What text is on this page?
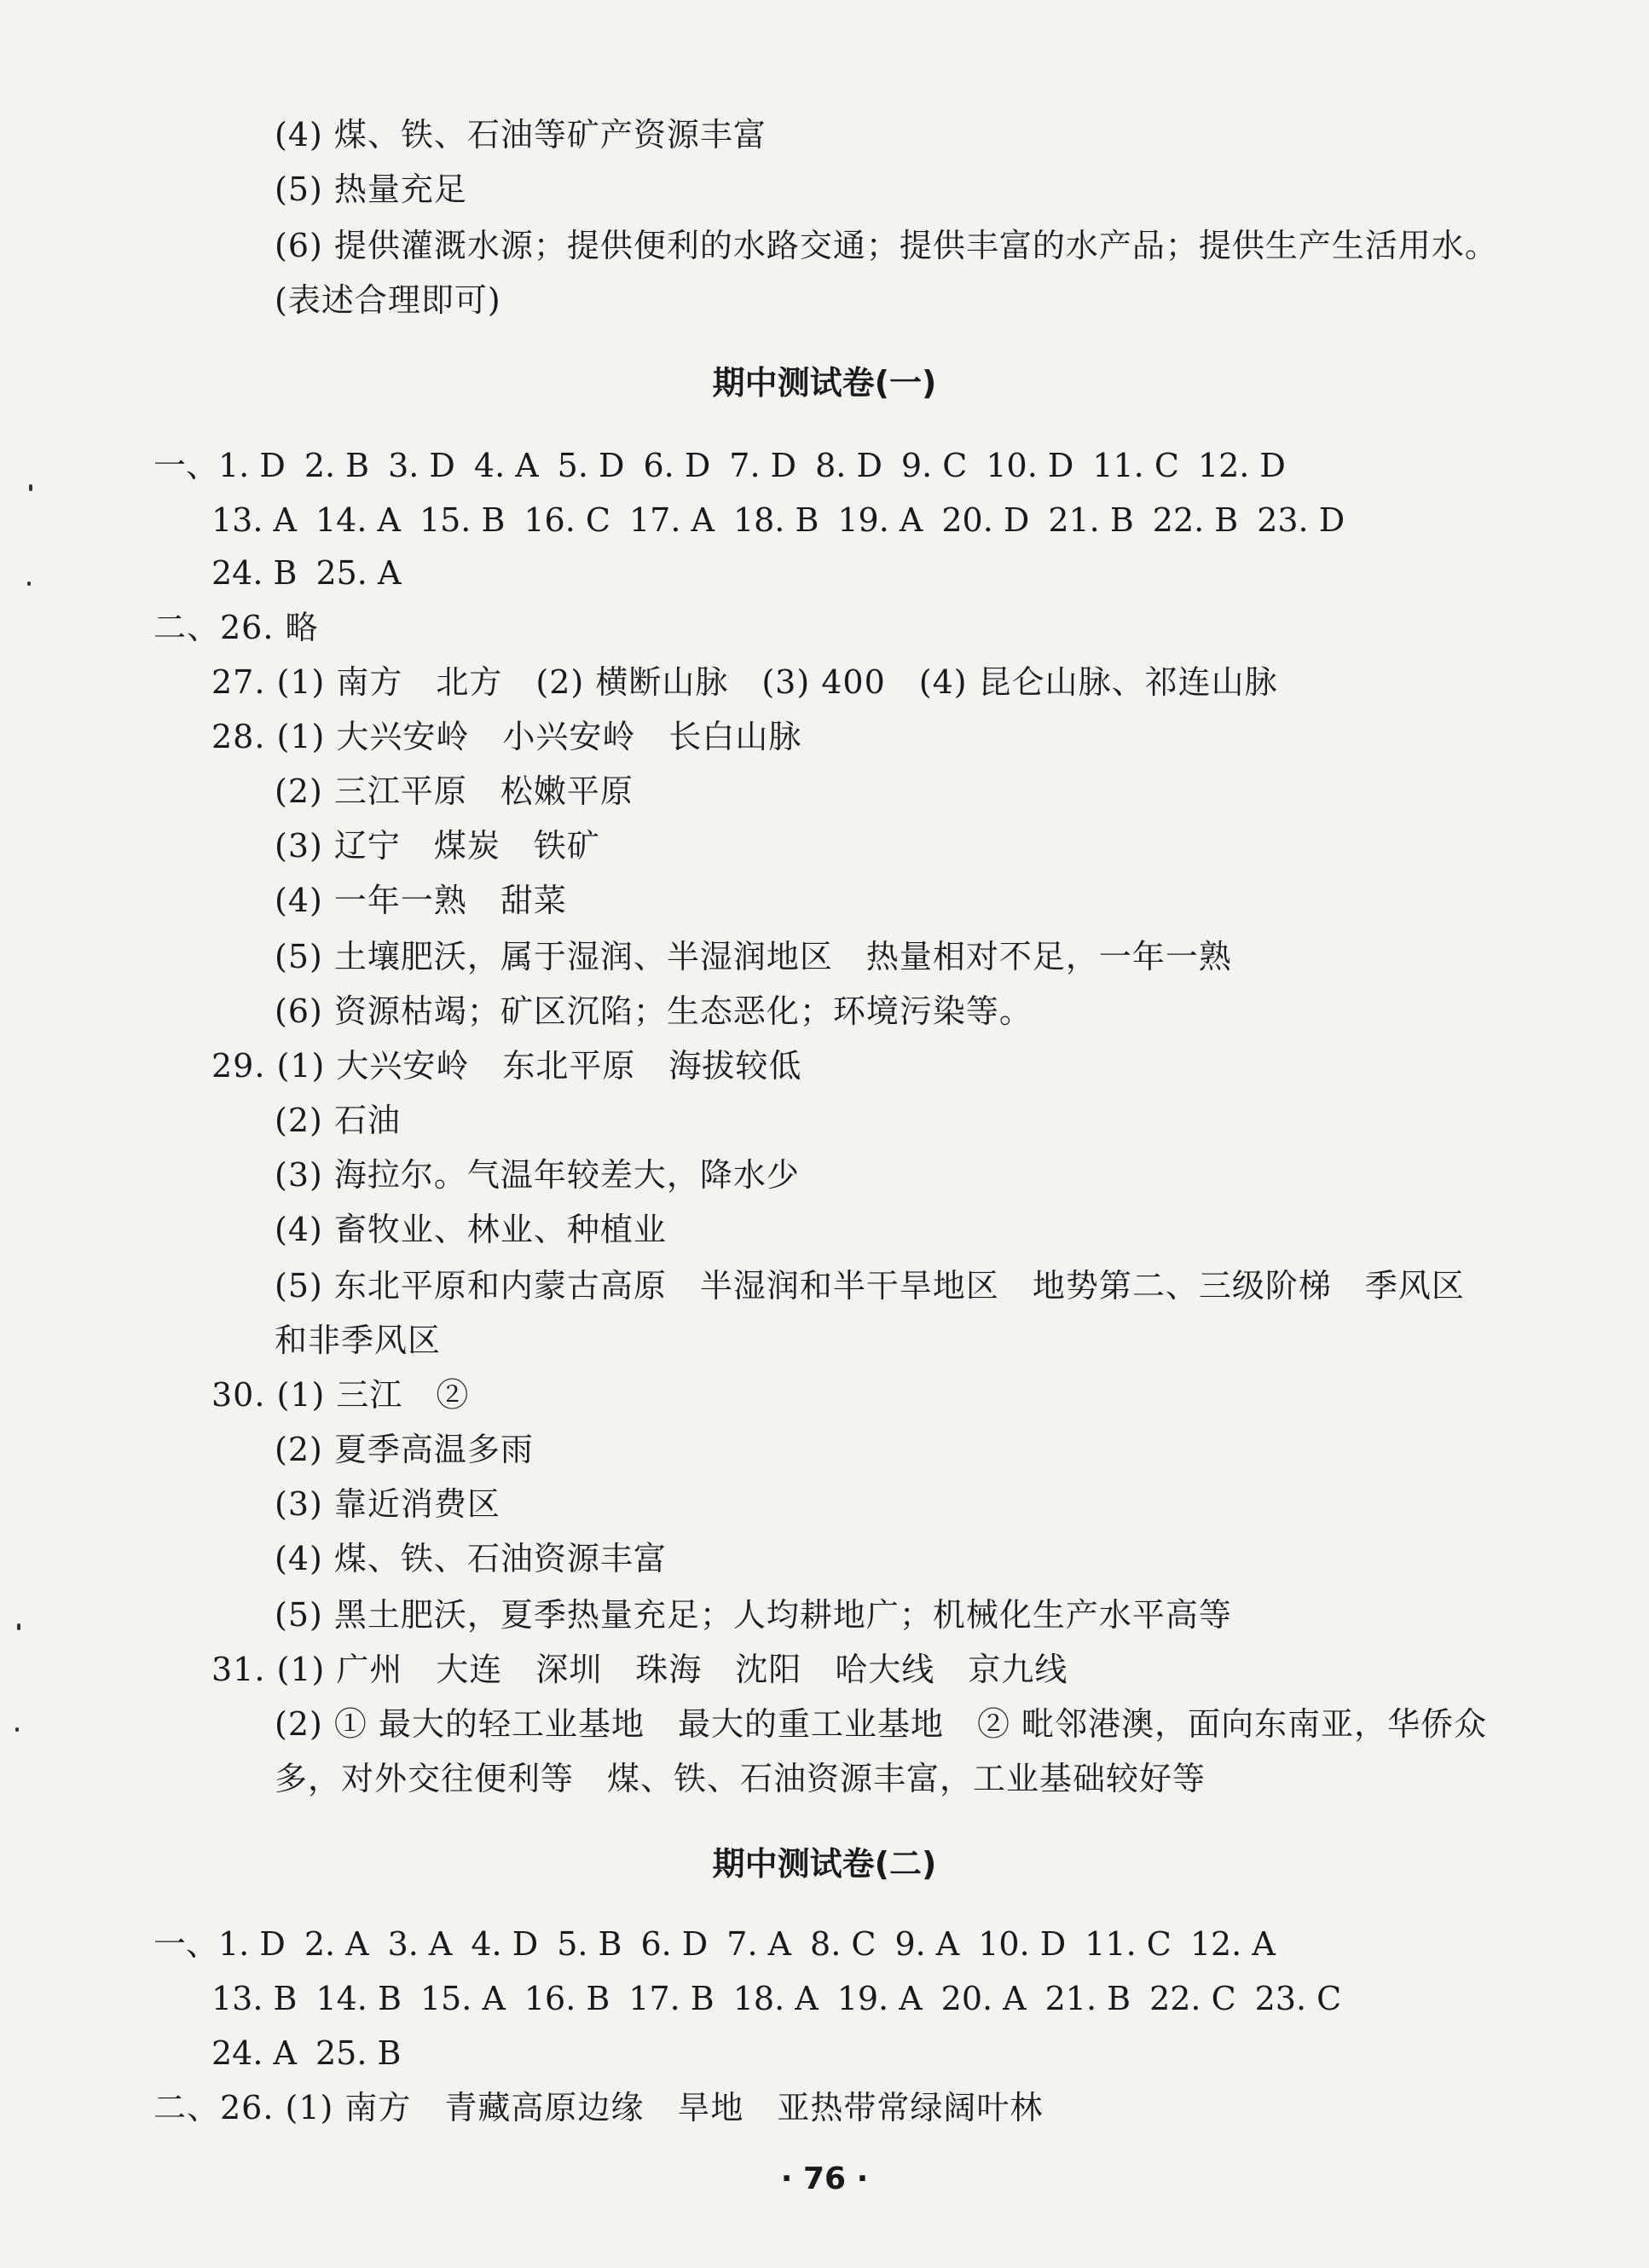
(4) 煤、铁、石油等矿产资源丰富
(5) 热量充足
(6) 提供灌溉水源；提供便利的水路交通；提供丰富的水产品；提供生产生活用水。
(表述合理即可)
期中测试卷(一)
一、1. D 2. B 3. D 4. A 5. D 6. D 7. D 8. D 9. C 10. D 11. C 12. D
13. A 14. A 15. B 16. C 17. A 18. B 19. A 20. D 21. B 22. B 23. D
24. B 25. A
二、26. 略
27. (1) 南方　北方　(2) 横断山脉　(3) 400　(4) 昆仑山脉、祁连山脉
28. (1) 大兴安岭　小兴安岭　长白山脉
(2) 三江平原　松嫩平原
(3) 辽宁　煤炭　铁矿
(4) 一年一熟　甜菜
(5) 土壤肥沃，属于湿润、半湿润地区　热量相对不足，一年一熟
(6) 资源枯竭；矿区沉陷；生态恶化；环境污染等。
29. (1) 大兴安岭　东北平原　海拔较低
(2) 石油
(3) 海拉尔。气温年较差大，降水少
(4) 畜牧业、林业、种植业
(5) 东北平原和内蒙古高原　半湿润和半干旱地区　地势第二、三级阶梯　季风区
和非季风区
30. (1) 三江　②
(2) 夏季高温多雨
(3) 靠近消费区
(4) 煤、铁、石油资源丰富
(5) 黑土肥沃，夏季热量充足；人均耕地广；机械化生产水平高等
31. (1) 广州　大连　深圳　珠海　沈阳　哈大线　京九线
(2) ① 最大的轻工业基地　最大的重工业基地　② 毗邻港澳，面向东南亚，华侨众
多，对外交往便利等　煤、铁、石油资源丰富，工业基础较好等
期中测试卷(二)
一、1. D 2. A 3. A 4. D 5. B 6. D 7. A 8. C 9. A 10. D 11. C 12. A
13. B 14. B 15. A 16. B 17. B 18. A 19. A 20. A 21. B 22. C 23. C
24. A 25. B
二、26. (1) 南方　青藏高原边缘　旱地　亚热带常绿阔叶林
· 76 ·
